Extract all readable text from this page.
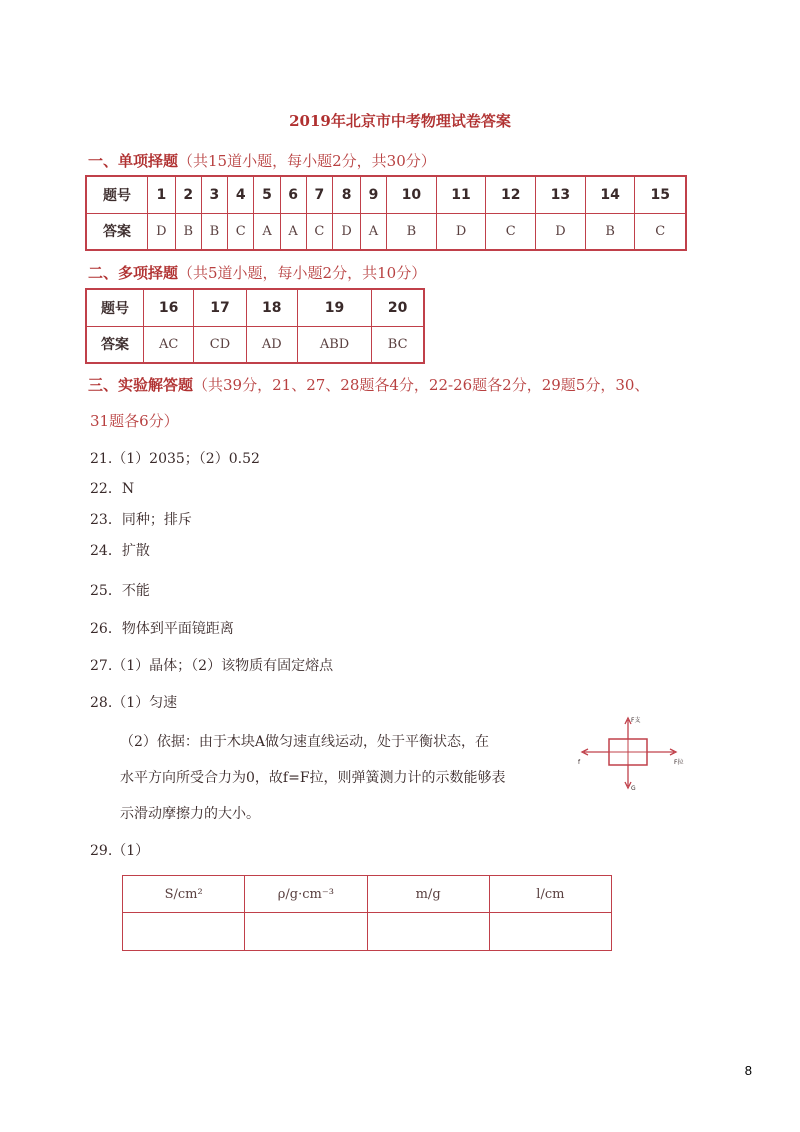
2019年北京市中考物理试卷答案
一、单项择题（共15道小题，每小题2分，共30分）
题号	1	2	3	4	5	6	7	8	9	10	11	12	13	14	15
答案	D	B	B	C	A	A	C	D	A	B	D	C	D	B	C
二、多项择题（共5道小题，每小题2分，共10分）
题号	16	17	18	19	20
答案	AC	CD	AD	ABD	BC
三、实验解答题（共39分，21、27、28题各4分，22-26题各2分，29题5分，30、
31题各6分）
21.（1）2035；（2）0.52
22．N
23．同种；排斥
24．扩散
25．不能
26．物体到平面镜距离
27.（1）晶体；（2）该物质有固定熔点
28.（1）匀速
（2）依据：由于木块A做匀速直线运动，处于平衡状态，在
水平方向所受合力为0，故f=F拉，则弹簧测力计的示数能够表
示滑动摩擦力的大小。
F支
f	F拉
G
29.（1）
S/cm²	ρ/g·cm⁻³	m/g	l/cm

8
